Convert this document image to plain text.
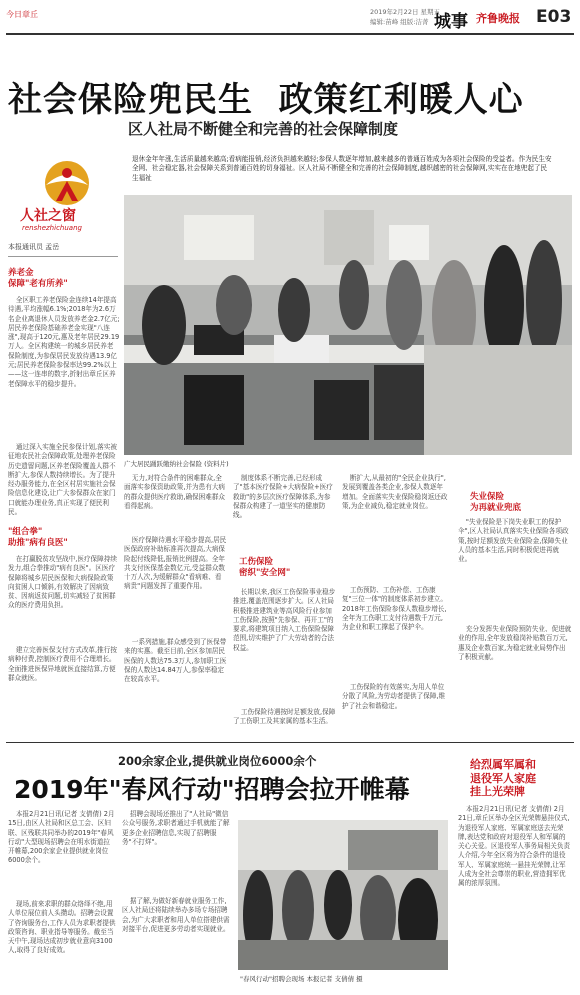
今日章丘	2019年2月22日 星期五
编辑:苗峰 组版:洁菁 城事 齐鲁晚报 E03
社会保险兜民生  政策红利暖人心
区人社局不断健全和完善的社会保障制度
退休金年年涨,生活质量越来越高;看病能报销,经济负担越来越轻;参保人数逐年增加,越来越多的普通百姓成为各项社会保险的受益者。作为民生安全网、社会稳定器,社会保障关系到普通百姓的切身福祉。区人社局不断健全和完善的社会保障制度,越织越密的社会保障网,实实在在地兜起了民生福祉
人社之窗
renshezhichuang
本报通讯员 孟岳
广大居民踊跃缴纳社会保险 (资料片)
养老金
保障"老有所养"
全区职工养老保险金连续14年提高待遇,平均涨幅6.1%;2018年为2.6万名企业离退休人员发放养老金2.7亿元;居民养老保险基础养老金实现"八连涨",现高于120元,惠及老年居民29.19万人。全区构建统一的城乡居民养老保险制度,为参保居民发放待遇13.9亿元;居民养老保险参保率达99.2%以上——这一连串的数字,折射出章丘区养老保障水平的稳步提升。
通过深入实施全民参保计划,落实被征地农民社会保障政策,处理养老保险历史遗留问题,区养老保险覆盖人群不断扩大,参保人数持续增长。为了提升经办服务能力,在全区村居实施社会保险信息化建设,让广大参保群众在家门口就能办理业务,真正实现了便民利民。
"组合拳"
助推"病有良医"
在打赢脱贫攻坚战中,医疗保障持续发力,组合拳推动"病有良医"。区医疗保障将城乡居民医保和大病保险政策向贫困人口倾斜,有效解决了因病致贫、因病返贫问题,切实减轻了贫困群众的医疗费用负担。
建立完善医保支付方式改革,推行按病种付费,控制医疗费用不合理增长。全面推进医保异地就医直接结算,方便群众就医。
无力,对符合条件的困难群众,全面落实参保资助政策,并为患有大病的群众提供医疗救助,确保困难群众看得起病。
医疗保障待遇水平稳步提高,居民医保政府补助标准再次提高,大病保险起付线降低,报销比例提高。全年共支付医保基金数亿元,受益群众数十万人次,为缓解群众"看病难、看病贵"问题发挥了重要作用。
一系列措施,群众感受到了医保带来的实惠。截至目前,全区参加居民医保的人数达75.3万人,参加职工医保的人数达14.84万人,参保率稳定在较高水平。
制度体系不断完善,已经形成了"基本医疗保险+大病保险+医疗救助"的多层次医疗保障体系,为参保群众构建了一道坚实的健康防线。
工伤保险
密织"安全网"
长期以来,我区工伤保险事业稳步推进,覆盖范围逐步扩大。区人社局积极推进建筑业等高风险行业参加工伤保险,按照"先参保、再开工"的要求,将建筑项目纳入工伤保险保障范围,切实维护了广大劳动者的合法权益。
工伤保险待遇按时足额发放,保障了工伤职工及其家属的基本生活。
断扩大,从最初的"全民企业执行",发展到覆盖各类企业,参保人数逐年增加。全面落实失业保险稳岗返还政策,为企业减负,稳定就业岗位。
工伤预防、工伤补偿、工伤康复"三位一体"的制度体系初步建立。2018年工伤保险参保人数稳步增长,全年为工伤职工支付待遇数千万元,为企业和职工撑起了保护伞。
工伤保险的有效落实,为用人单位分散了风险,为劳动者提供了保障,维护了社会和谐稳定。
失业保险
为再就业兜底
"失业保险是下岗失业职工的保护伞",区人社局认真落实失业保险各项政策,按时足额发放失业保险金,保障失业人员的基本生活,同时积极促进再就业。
充分发挥失业保险预防失业、促进就业的作用,全年发放稳岗补贴数百万元,惠及企业数百家,为稳定就业局势作出了积极贡献。
200余家企业,提供就业岗位6000余个
2019年"春风行动"招聘会拉开帷幕
本报2月21日讯(记者 支倩倩) 2月15日,由区人社局和区总工会、区妇联、区残联共同举办的2019年"春风行动"大型现场招聘会在明水街道拉开帷幕,200余家企业提供就业岗位6000余个。
现场,前来求职的群众络绎不绝,用人单位展位前人头攒动。招聘会设置了咨询服务台,工作人员为求职者提供政策咨询、职业指导等服务。截至当天中午,现场达成初步就业意向3100人,取得了良好成效。
招聘会现场还推出了"人社局"微信公众号服务,求职者通过手机就能了解更多企业招聘信息,实现了招聘服务"不打烊"。
据了解,为做好新春就业服务工作,区人社局还将陆续举办多场专场招聘会,为广大求职者和用人单位搭建供需对接平台,促进更多劳动者实现就业。
"春风行动"招聘会现场 本报记者 支倩倩 摄
给烈属军属和
退役军人家庭
挂上光荣牌
本报2月21日讯(记者 支倩倩) 2月21日,章丘区举办全区光荣牌悬挂仪式,为退役军人家庭、军属家庭送去光荣牌,表达党和政府对退役军人和军属的关心关爱。区退役军人事务局相关负责人介绍,今年全区将为符合条件的退役军人、军属家庭统一悬挂光荣牌,让军人成为全社会尊崇的职业,营造拥军优属的浓厚氛围。
